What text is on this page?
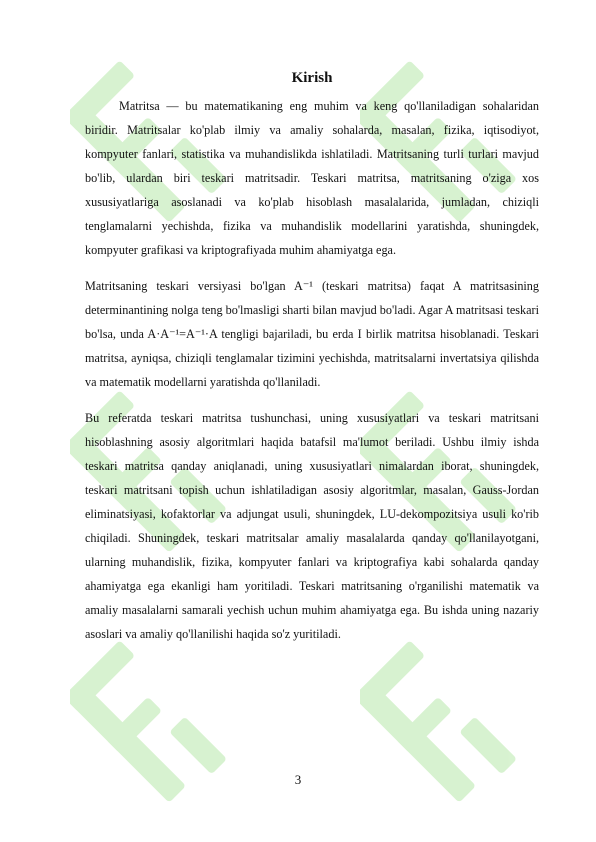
Kirish

Matritsa — bu matematikaning eng muhim va keng qo'llaniladigan sohalaridan biridir. Matritsalar ko'plab ilmiy va amaliy sohalarda, masalan, fizika, iqtisodiyot, kompyuter fanlari, statistika va muhandislikda ishlatiladi. Matritsaning turli turlari mavjud bo'lib, ulardan biri teskari matritsadir. Teskari matritsa, matritsaning o'ziga xos xususiyatlariga asoslanadi va ko'plab hisoblash masalalarida, jumladan, chiziqli tenglamalarni yechishda, fizika va muhandislik modellarini yaratishda, shuningdek, kompyuter grafikasi va kriptografiyada muhim ahamiyatga ega.

Matritsaning teskari versiyasi bo'lgan A⁻¹ (teskari matritsa) faqat A matritsasining determinantining nolga teng bo'lmasligi sharti bilan mavjud bo'ladi. Agar A matritsasi teskari bo'lsa, unda A·A⁻¹=A⁻¹·A tengligi bajariladi, bu erda I birlik matritsa hisoblanadi. Teskari matritsa, ayniqsa, chiziqli tenglamalar tizimini yechishda, matritsalarni invertatsiya qilishda va matematik modellarni yaratishda qo'llaniladi.

Bu referatda teskari matritsa tushunchasi, uning xususiyatlari va teskari matritsani hisoblashning asosiy algoritmlari haqida batafsil ma'lumot beriladi. Ushbu ilmiy ishda teskari matritsa qanday aniqlanadi, uning xususiyatlari nimalardan iborat, shuningdek, teskari matritsani topish uchun ishlatiladigan asosiy algoritmlar, masalan, Gauss-Jordan eliminatsiyasi, kofaktorlar va adjungat usuli, shuningdek, LU-dekompozitsiya usuli ko'rib chiqiladi. Shuningdek, teskari matritsalar amaliy masalalarda qanday qo'llanilayotgani, ularning muhandislik, fizika, kompyuter fanlari va kriptografiya kabi sohalarda qanday ahamiyatga ega ekanligi ham yoritiladi. Teskari matritsaning o'rganilishi matematik va amaliy masalalarni samarali yechish uchun muhim ahamiyatga ega. Bu ishda uning nazariy asoslari va amaliy qo'llanilishi haqida so'z yuritiladi.

3
